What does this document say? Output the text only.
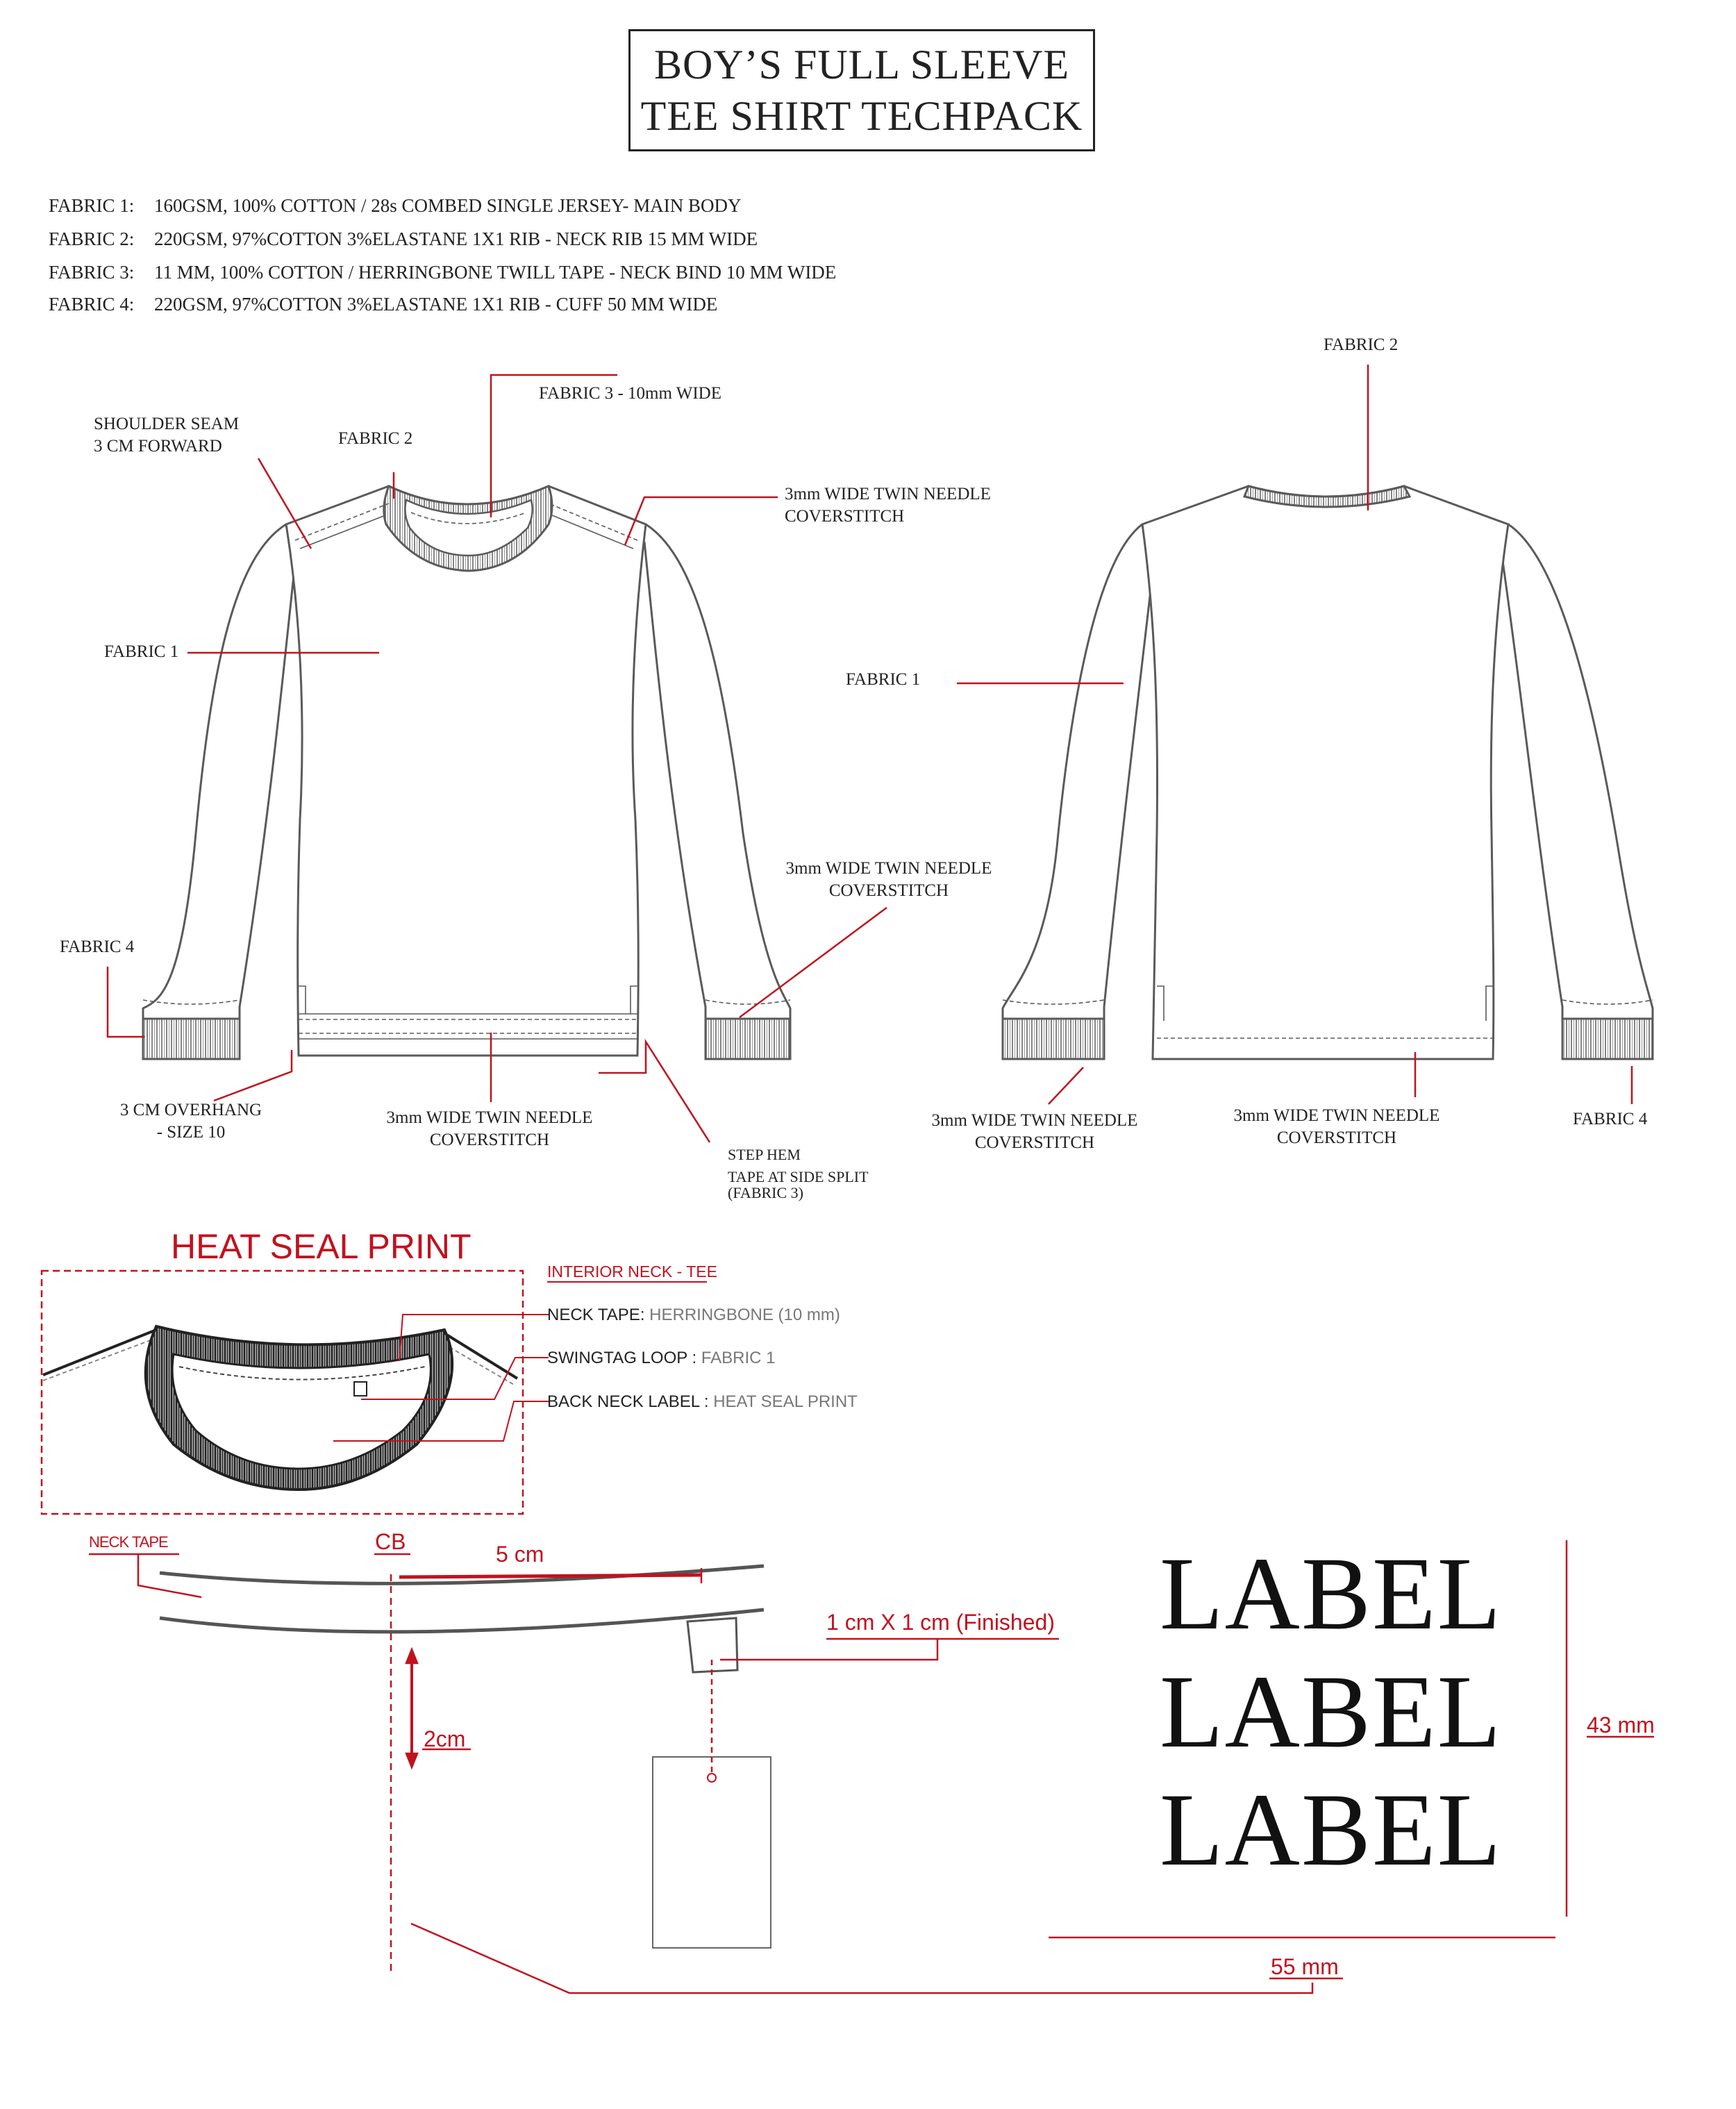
BOY’S FULL SLEEVE
TEE SHIRT TECHPACK
FABRIC 1: 160GSM, 100% COTTON / 28s COMBED SINGLE JERSEY- MAIN BODY
FABRIC 2: 220GSM, 97%COTTON 3%ELASTANE 1X1 RIB - NECK RIB 15 MM WIDE
FABRIC 3: 11 MM, 100% COTTON / HERRINGBONE TWILL TAPE - NECK BIND 10 MM WIDE
FABRIC 4: 220GSM, 97%COTTON 3%ELASTANE 1X1 RIB - CUFF 50 MM WIDE
SHOULDER SEAM
3 CM FORWARD	FABRIC 2
FABRIC 3 - 10mm WIDE
3mm WIDE TWIN NEEDLE
COVERSTITCH
FABRIC 1
3mm WIDE TWIN NEEDLE
COVERSTITCH
FABRIC 4
3 CM OVERHANG
- SIZE 10
3mm WIDE TWIN NEEDLE
COVERSTITCH
STEP HEM
TAPE AT SIDE SPLIT
(FABRIC 3)
FABRIC 2
FABRIC 1
3mm WIDE TWIN NEEDLE
COVERSTITCH
3mm WIDE TWIN NEEDLE
COVERSTITCH
FABRIC 4
HEAT SEAL PRINT
INTERIOR NECK - TEE
NECK TAPE: HERRINGBONE (10 mm)
SWINGTAG LOOP : FABRIC 1
BACK NECK LABEL : HEAT SEAL PRINT
NECK TAPE	CB	5 cm
1 cm X 1 cm (Finished)
2cm
LABEL
LABEL
LABEL
43 mm
55 mm
